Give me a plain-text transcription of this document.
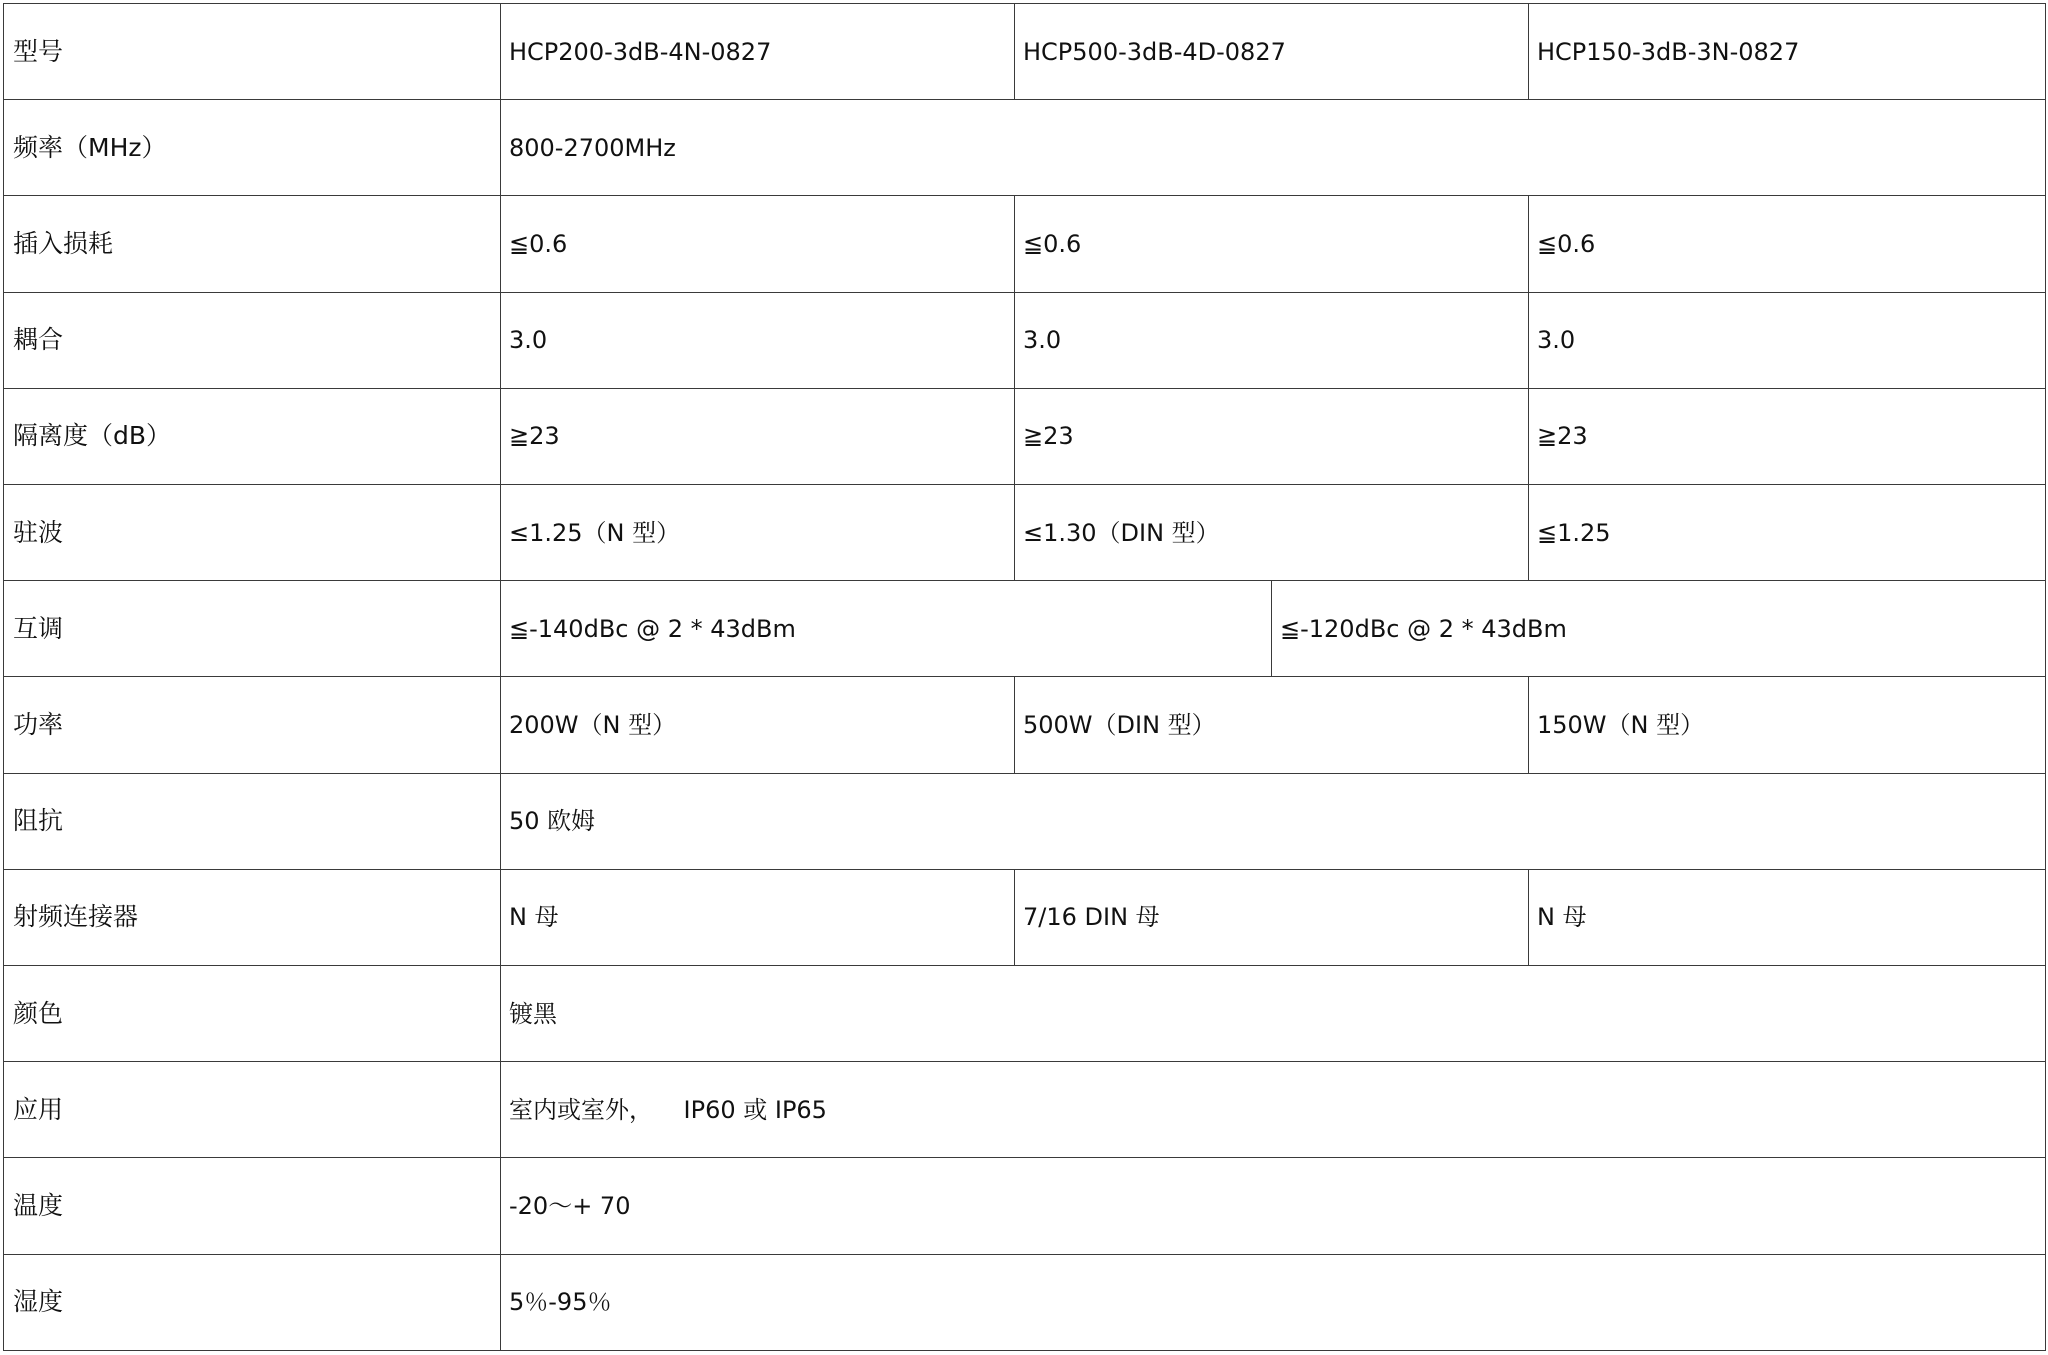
型号	HCP200-3dB-4N-0827	HCP500-3dB-4D-0827		HCP150-3dB-3N-0827
频率（MHz）	800-2700MHz			
插入损耗	≦0.6	≦0.6		≦0.6
耦合	3.0	3.0		3.0
隔离度（dB）	≧23	≧23		≧23
驻波	≤1.25（N 型）	≤1.30（DIN 型）		≦1.25
互调	≦-140dBc @ 2 * 43dBm		≦-120dBc @ 2 * 43dBm	
功率	200W（N 型）	500W（DIN 型）		150W（N 型）
阻抗	50 欧姆			
射频连接器	N 母	7/16 DIN 母		N 母
颜色	镀黑			
应用	室内或室外，    IP60 或 IP65			
温度	-20～+ 70			
湿度	5％-95％			
